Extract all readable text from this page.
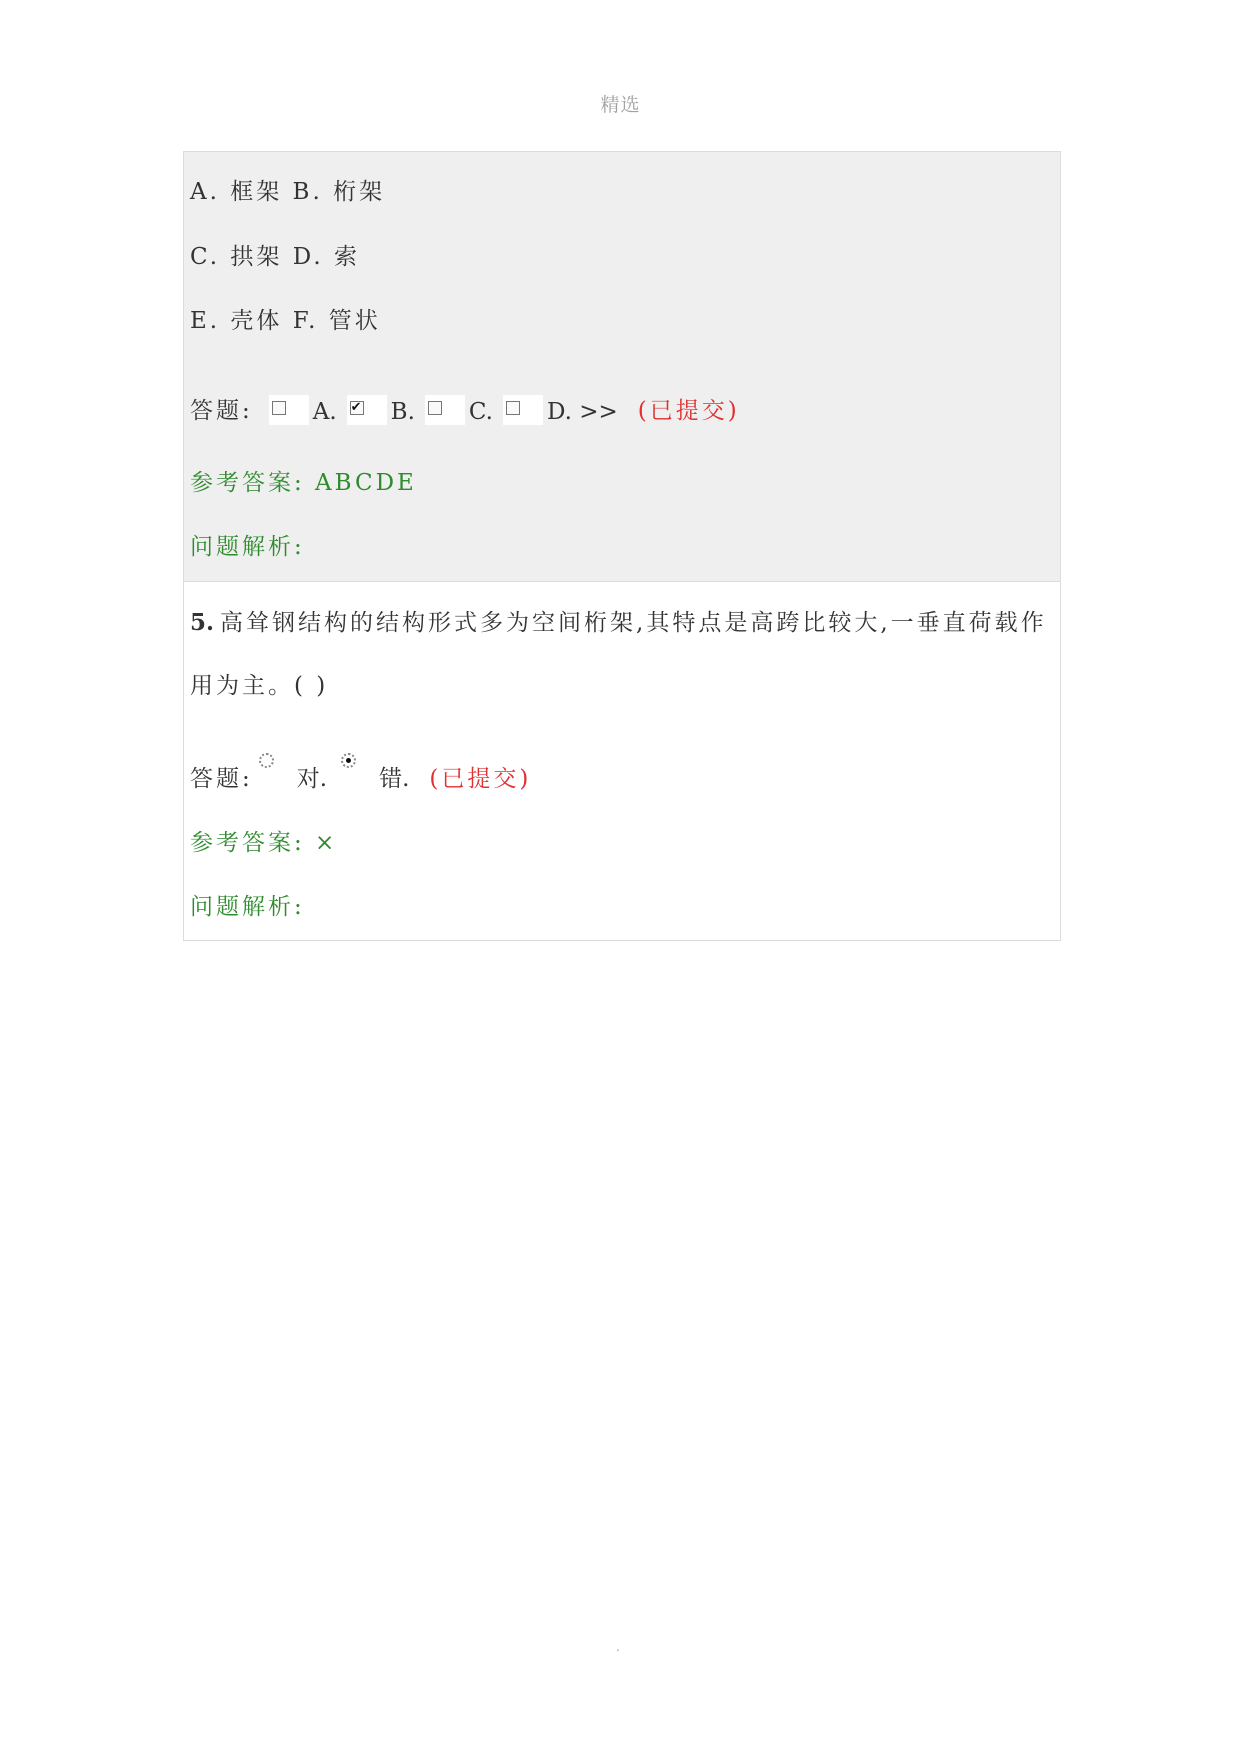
精选
A. 框架 B. 桁架
C. 拱架 D. 索
E. 壳体 F. 管状
答题:	A. ✔ B. C. D. >> (已提交)
参考答案: ABCDE
问题解析:
5. 高耸钢结构的结构形式多为空间桁架,其特点是高跨比较大,一垂直荷载作
用为主。( )
答题: 对. 错. (已提交)
参考答案: ×
问题解析:
.
